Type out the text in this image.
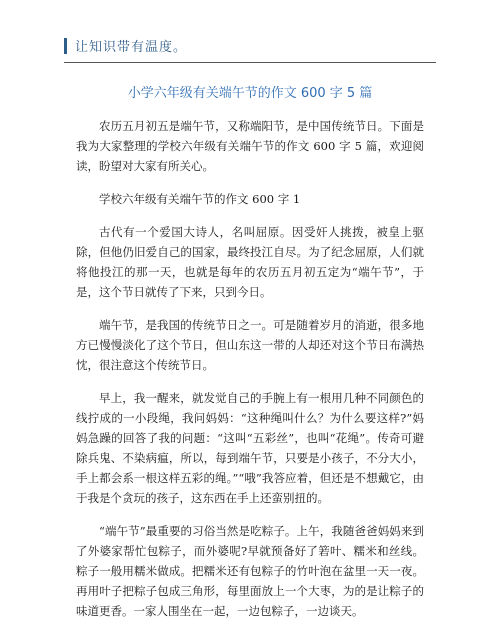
让知识带有温度。
小学六年级有关端午节的作文 600 字 5 篇

农历五月初五是端午节，又称端阳节，是中国传统节日。下面是我为大家整理的学校六年级有关端午节的作文 600 字 5 篇，欢迎阅读，盼望对大家有所关心。

学校六年级有关端午节的作文 600 字 1

古代有一个爱国大诗人，名叫屈原。因受奸人挑拨，被皇上驱除，但他仍旧爱自己的国家，最终投江自尽。为了纪念屈原，人们就将他投江的那一天，也就是每年的农历五月初五定为“端午节”，于是，这个节日就传了下来，只到今日。

端午节，是我国的传统节日之一。可是随着岁月的消逝，很多地方已慢慢淡化了这个节日，但山东这一带的人却还对这个节日布满热忱，很注意这个传统节日。

早上，我一醒来，就发觉自己的手腕上有一根用几种不同颜色的线拧成的一小段绳，我问妈妈：“这种绳叫什么？为什么要这样?”妈妈急躁的回答了我的问题：“这叫“五彩丝”，也叫“花绳”。传奇可避除兵鬼、不染病瘟，所以，每到端午节，只要是小孩子，不分大小，手上都会系一根这样五彩的绳。”“哦”我答应着，但还是不想戴它，由于我是个贪玩的孩子，这东西在手上还蛮别扭的。

“端午节”最重要的习俗当然是吃粽子。上午，我随爸爸妈妈来到了外婆家帮忙包粽子，而外婆呢?早就预备好了箬叶、糯米和丝线。粽子一般用糯米做成。把糯米还有包粽子的竹叶泡在盆里一天一夜。再用叶子把粽子包成三角形，每里面放上一个大枣，为的是让粽子的味道更香。一家人围坐在一起，一边包粽子，一边谈天。
